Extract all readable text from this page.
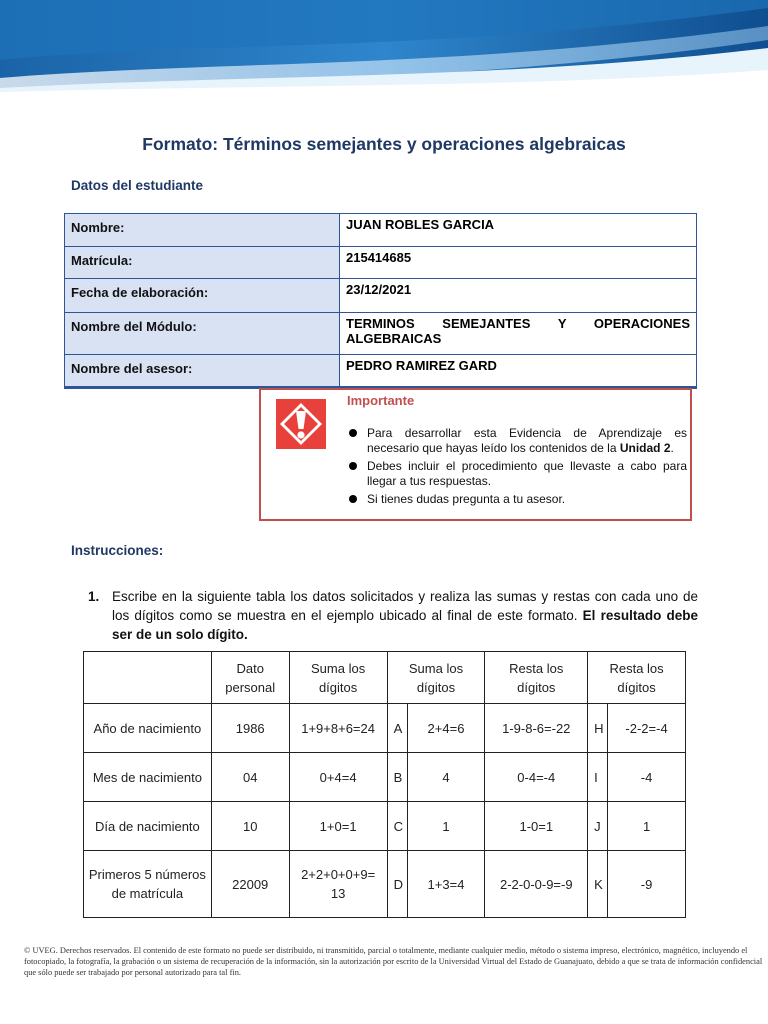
Formato: Términos semejantes y operaciones algebraicas
Datos del estudiante
Nombre:	JUAN ROBLES GARCIA
Matrícula:	215414685
Fecha de elaboración:	23/12/2021
Nombre del Módulo:	TERMINOS SEMEJANTES Y OPERACIONES ALGEBRAICAS
Nombre del asesor:	PEDRO RAMIREZ GARD
Importante
Para desarrollar esta Evidencia de Aprendizaje es necesario que hayas leído los contenidos de la Unidad 2.
Debes incluir el procedimiento que llevaste a cabo para llegar a tus respuestas.
Si tienes dudas pregunta a tu asesor.
Instrucciones:
1. Escribe en la siguiente tabla los datos solicitados y realiza las sumas y restas con cada uno de los dígitos como se muestra en el ejemplo ubicado al final de este formato. El resultado debe ser de un solo dígito.
	Dato personal	Suma los dígitos	Suma los dígitos		Resta los dígitos	Resta los dígitos	
Año de nacimiento	1986	1+9+8+6=24	A	2+4=6	1-9-8-6=-22	H	-2-2=-4
Mes de nacimiento	04	0+4=4	B	4	0-4=-4	I	-4
Día de nacimiento	10	1+0=1	C	1	1-0=1	J	1
Primeros 5 números de matrícula	22009	2+2+0+0+9= 13	D	1+3=4	2-2-0-0-9=-9	K	-9
© UVEG. Derechos reservados. El contenido de este formato no puede ser distribuido, ni transmitido, parcial o totalmente, mediante cualquier medio, método o sistema impreso, electrónico, magnético, incluyendo el fotocopiado, la fotografía, la grabación o un sistema de recuperación de la información, sin la autorización por escrito de la Universidad Virtual del Estado de Guanajuato, debido a que se trata de información confidencial que sólo puede ser trabajado por personal autorizado para tal fin.
